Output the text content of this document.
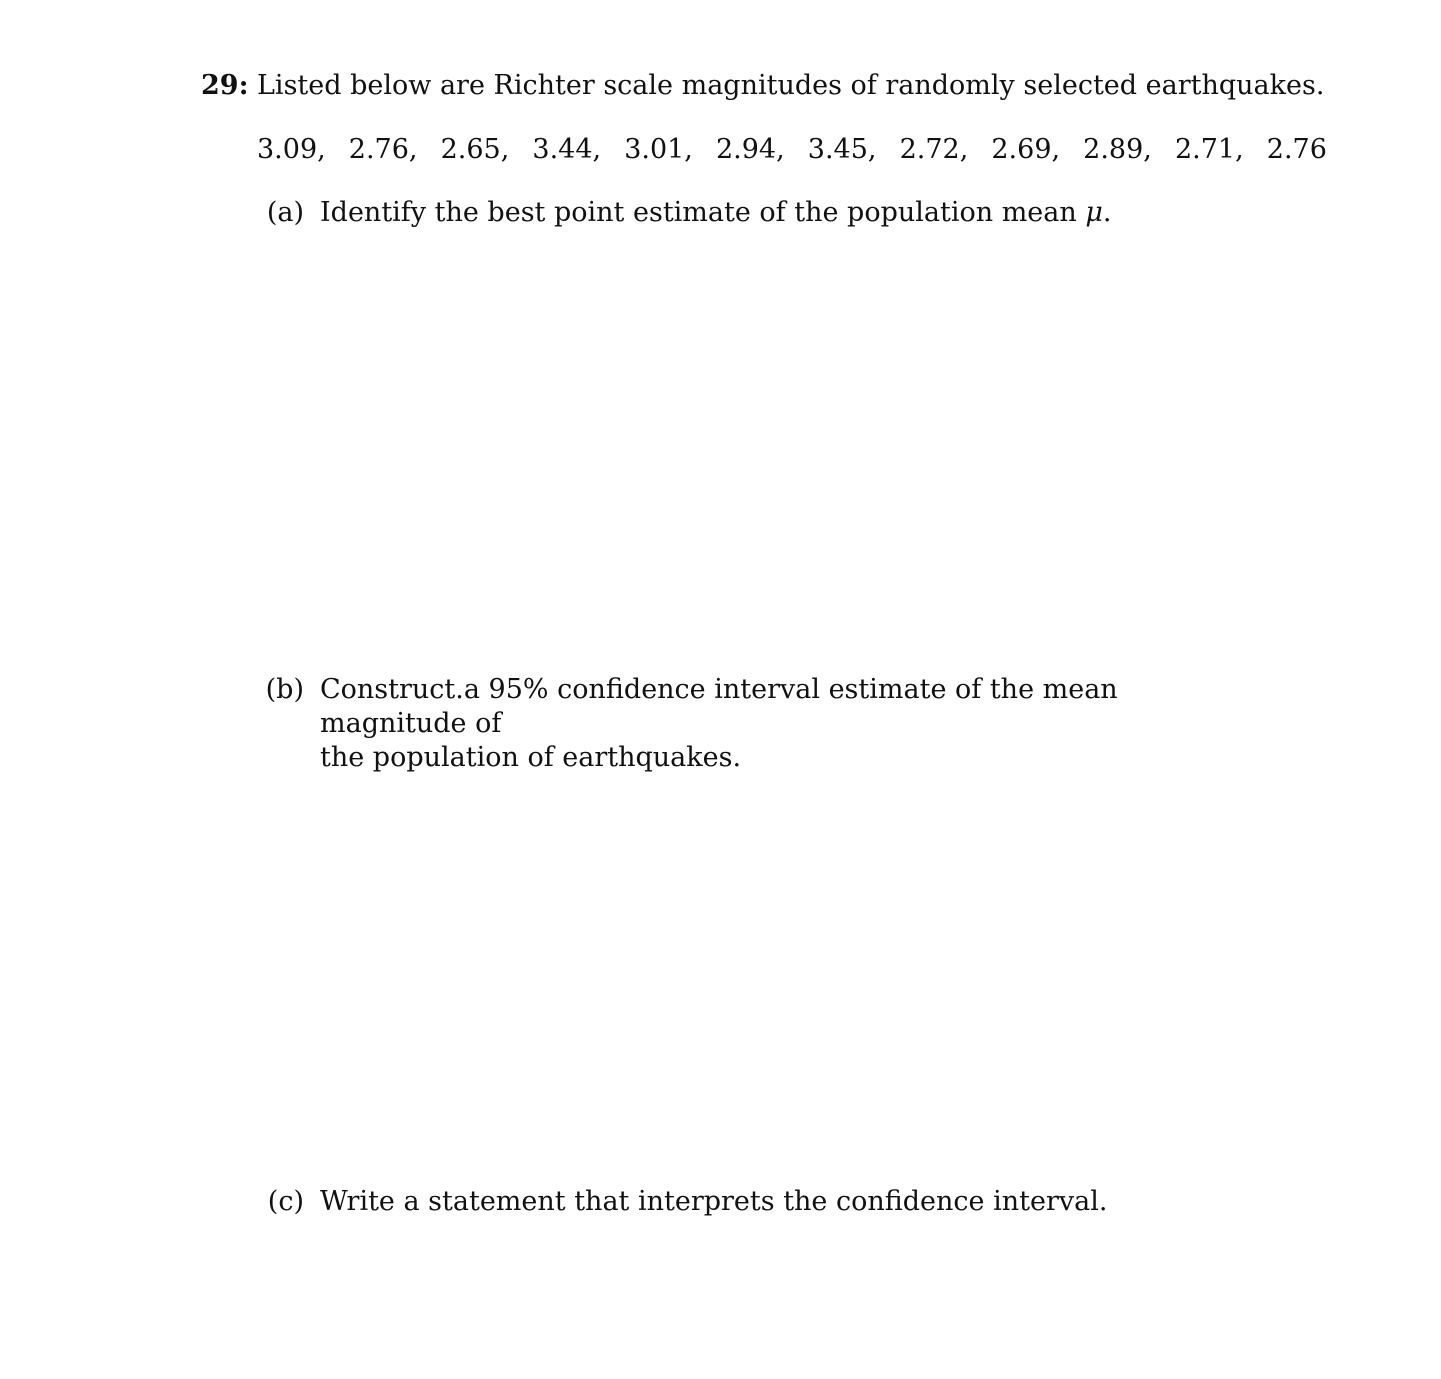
29: Listed below are Richter scale magnitudes of randomly selected earthquakes.
3.09, 2.76, 2.65, 3.44, 3.01, 2.94, 3.45, 2.72, 2.69, 2.89, 2.71, 2.76
(a) Identify the best point estimate of the population mean μ.
(b) Construct.a 95% confidence interval estimate of the mean magnitude of
the population of earthquakes.
(c) Write a statement that interprets the confidence interval.
